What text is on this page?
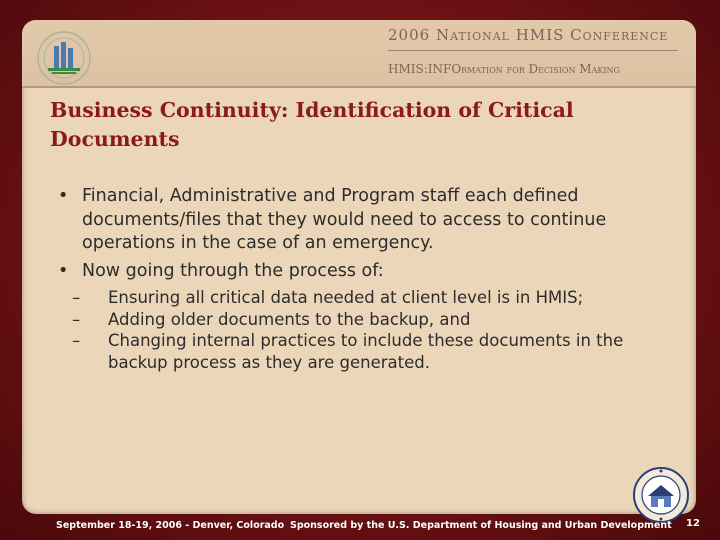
2006 National HMIS Conference
HMIS:INFOrmation for Decision Making
Business Continuity: Identification of Critical Documents
• Financial, Administrative and Program staff each defined documents/files that they would need to access to continue operations in the case of an emergency.
• Now going through the process of:
– Ensuring all critical data needed at client level is in HMIS;
– Adding older documents to the backup, and
– Changing internal practices to include these documents in the backup process as they are generated.
September 18-19, 2006 - Denver, Colorado Sponsored by the U.S. Department of Housing and Urban Development 12
